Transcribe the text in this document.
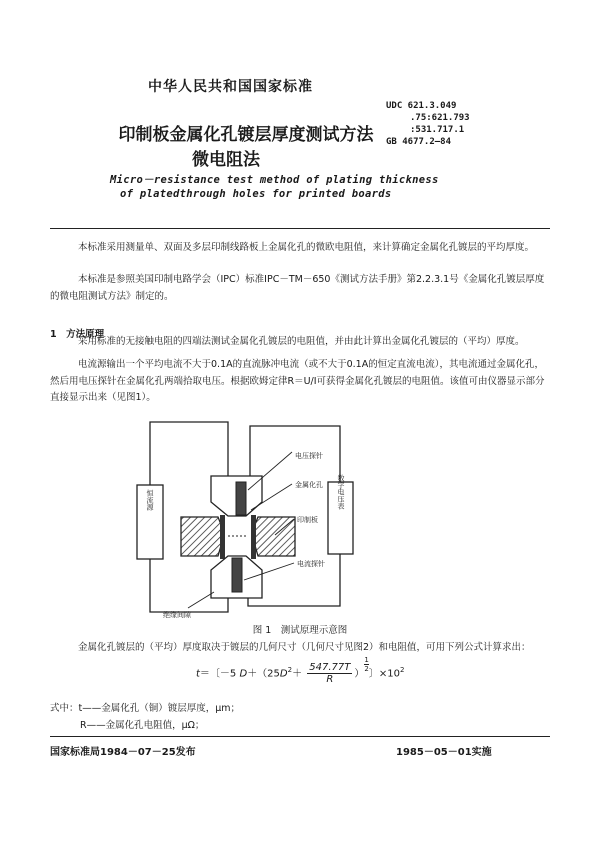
中华人民共和国国家标准
UDC 621.3.049
.75:621.793
:531.717.1
GB 4677.2—84
印制板金属化孔镀层厚度测试方法
微电阻法
Micro－resistance test method of plating thickness
of platedthrough holes for printed boards
本标准采用测量单、双面及多层印制线路板上金属化孔的微欧电阻值，来计算确定金属化孔镀层的平均厚度。
本标准是参照美国印制电路学会（IPC）标准IPC－TM－650《测试方法手册》第2.2.3.1号《金属化孔镀层厚度的微电阻测试方法》制定的。
1　方法原理
采用标准的无接触电阻的四端法测试金属化孔镀层的电阻值，并由此计算出金属化孔镀层的（平均）厚度。
电流源输出一个平均电流不大于0.1A的直流脉冲电流（或不大于0.1A的恒定直流电流），其电流通过金属化孔，然后用电压探针在金属化孔两端拾取电压。根据欧姆定律R＝U/I可获得金属化孔镀层的电阻值。该值可由仪器显示部分直接显示出来（见图1）。
电压探针
金属化孔
印制板
电流探针
绝缘间隙
恒流源	数字电压表
图 1　测试原理示意图
金属化孔镀层的（平均）厚度取决于镀层的几何尺寸（几何尺寸见图2）和电阻值，可用下列公式计算求出：
t＝〔－5 $D+(25D^2+ \frac{547.77T}{R}$ ）
$\frac{1}{2}$
〕$\times 10^2$
式中：t——金属化孔（铜）镀层厚度，μm；
R——金属化孔电阻值，μΩ；
国家标准局1984－07－25发布	1985－05－01实施
